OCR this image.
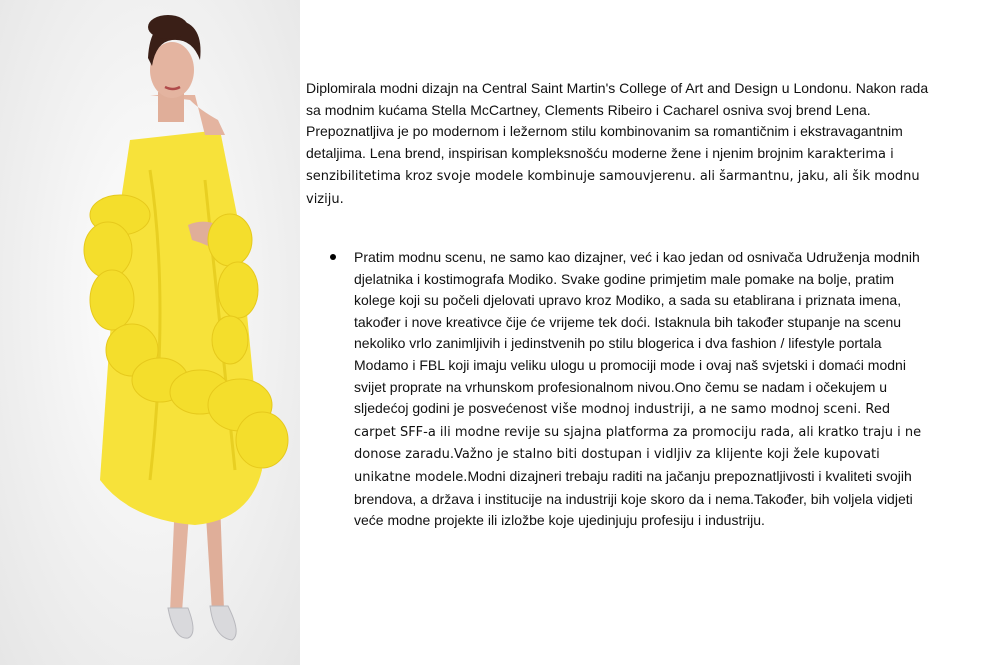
Diplomirala modni dizajn na Central Saint Martin's College of Art and Design u Londonu. Nakon rada sa modnim kućama Stella McCartney, Clements Ribeiro i Cacharel osniva svoj brend Lena. Prepoznatljiva je po modernom i ležernom stilu kombinovanim sa romantičnim i ekstravagantnim detaljima. Lena brend, inspirisan kompleksnošću moderne žene i njenim brojnim karakterima i senzibilitetima kroz svoje modele kombinuje samouvjerenu. ali šarmantnu, jaku, ali šik modnu viziju.

Pratim modnu scenu, ne samo kao dizajner, već i kao jedan od osnivača Udruženja modnih djelatnika i kostimografa Modiko. Svake godine primjetim male pomake na bolje, pratim kolege koji su počeli djelovati upravo kroz Modiko, a sada su etablirana i priznata imena, također i nove kreativce čije će vrijeme tek doći. Istaknula bih također stupanje na scenu nekoliko vrlo zanimljivih i jedinstvenih po stilu blogerica i dva fashion / lifestyle portala Modamo i FBL koji imaju veliku ulogu u promociji mode i ovaj naš svjetski i domaći modni svijet proprate na vrhunskom profesionalnom nivou.Ono čemu se nadam i očekujem u sljedećoj godini je posvećenost više modnoj industriji, a ne samo modnoj sceni. Red carpet SFF-a ili modne revije su sjajna platforma za promociju rada, ali kratko traju i ne donose zaradu.Važno je stalno biti dostupan i vidljiv za klijente koji žele kupovati unikatne modele.Modni dizajneri trebaju raditi na jačanju prepoznatljivosti i kvaliteti svojih brendova, a država i institucije na industriji koje skoro da i nema.Također, bih voljela vidjeti veće modne projekte ili izložbe koje ujedinjuju profesiju i industriju.
